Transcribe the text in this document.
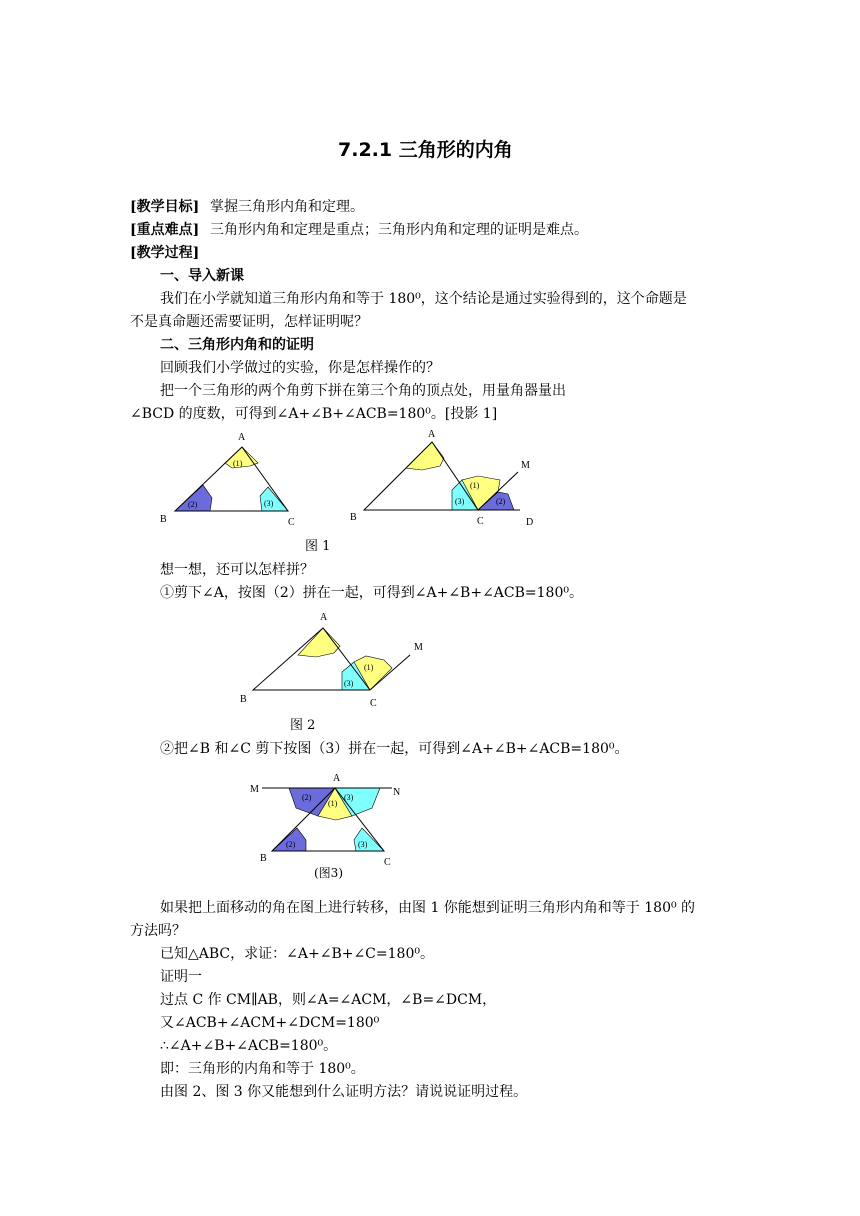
7.2.1 三角形的内角
[教学目标] 掌握三角形内角和定理。
[重点难点] 三角形内角和定理是重点；三角形内角和定理的证明是难点。
[教学过程]
一、导入新课
我们在小学就知道三角形内角和等于 180⁰，这个结论是通过实验得到的，这个命题是
不是真命题还需要证明，怎样证明呢？
二、三角形内角和的证明
回顾我们小学做过的实验，你是怎样操作的？
把一个三角形的两个角剪下拼在第三个角的顶点处，用量角器量出
∠BCD 的度数，可得到∠A+∠B+∠ACB=180⁰。[投影 1]
A
B	C
(1)
(2)	(3)
A
B	C	D
M
(1)
(3)	(2)
A
B	C
M
(1)
(3)
A
M	N
B	C
(2)
(1)
(3)
(2)	(3)
图 1
想一想，还可以怎样拼？
①剪下∠A，按图（2）拼在一起，可得到∠A+∠B+∠ACB=180⁰。
图 2
②把∠B 和∠C 剪下按图（3）拼在一起，可得到∠A+∠B+∠ACB=180⁰。
(图3)
如果把上面移动的角在图上进行转移，由图 1 你能想到证明三角形内角和等于 180⁰ 的
方法吗？
已知△ABC，求证：∠A+∠B+∠C=180⁰。
证明一
过点 C 作 CM∥AB，则∠A=∠ACM，∠B=∠DCM，
又∠ACB+∠ACM+∠DCM=180⁰
∴∠A+∠B+∠ACB=180⁰。
即：三角形的内角和等于 180⁰。
由图 2、图 3 你又能想到什么证明方法？请说说证明过程。
